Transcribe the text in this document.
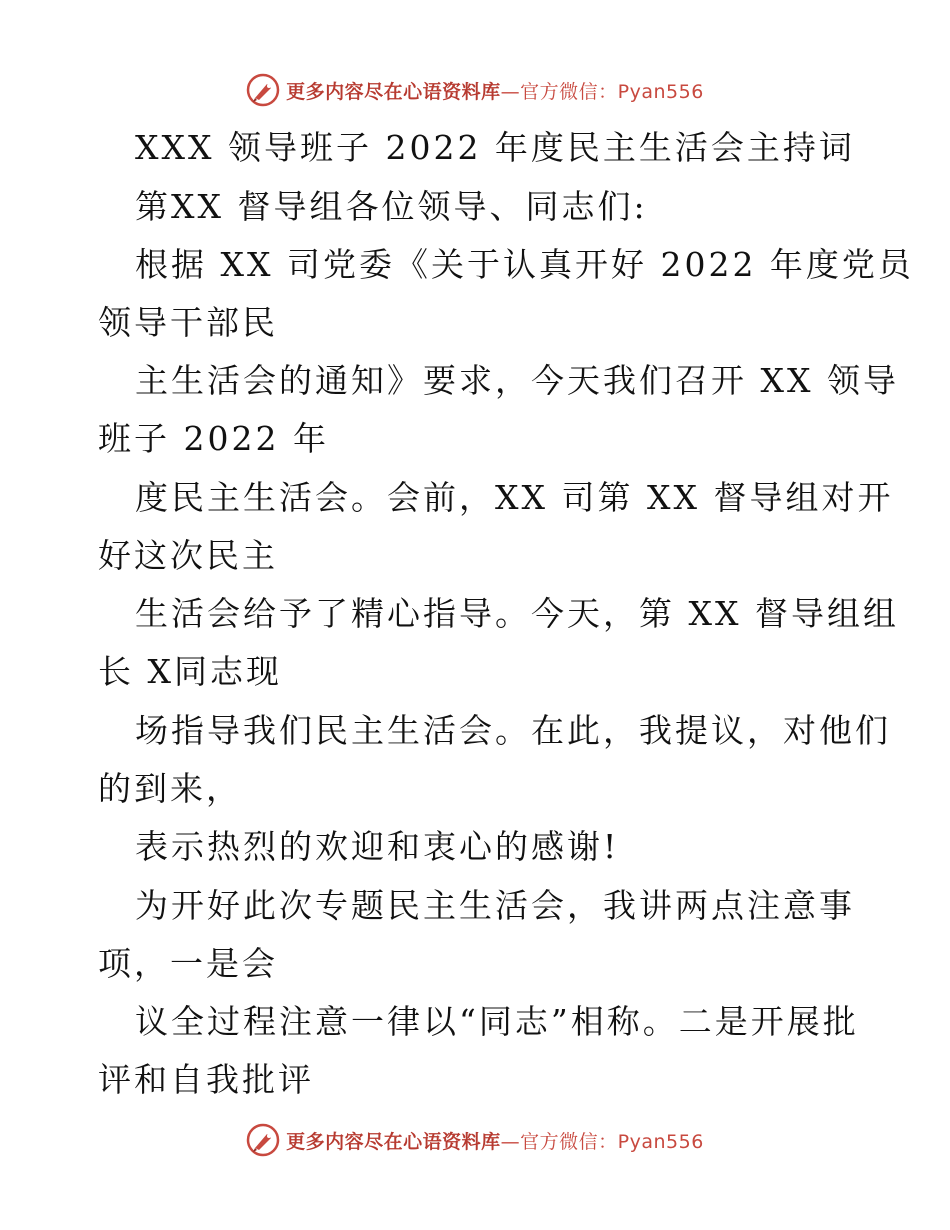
更多内容尽在心语资料库—官方微信：Pyan556
XXX 领导班子 2022 年度民主生活会主持词
第XX 督导组各位领导、同志们:
根据 XX 司党委《关于认真开好 2022 年度党员
领导干部民
主生活会的通知》要求，今天我们召开 XX 领导
班子 2022 年
度民主生活会。会前，XX 司第 XX 督导组对开
好这次民主
生活会给予了精心指导。今天，第 XX 督导组组
长 X同志现
场指导我们民主生活会。在此，我提议，对他们
的到来，
表示热烈的欢迎和衷心的感谢!
为开好此次专题民主生活会，我讲两点注意事
项，一是会
议全过程注意一律以“同志”相称。二是开展批
评和自我批评
更多内容尽在心语资料库—官方微信：Pyan556
